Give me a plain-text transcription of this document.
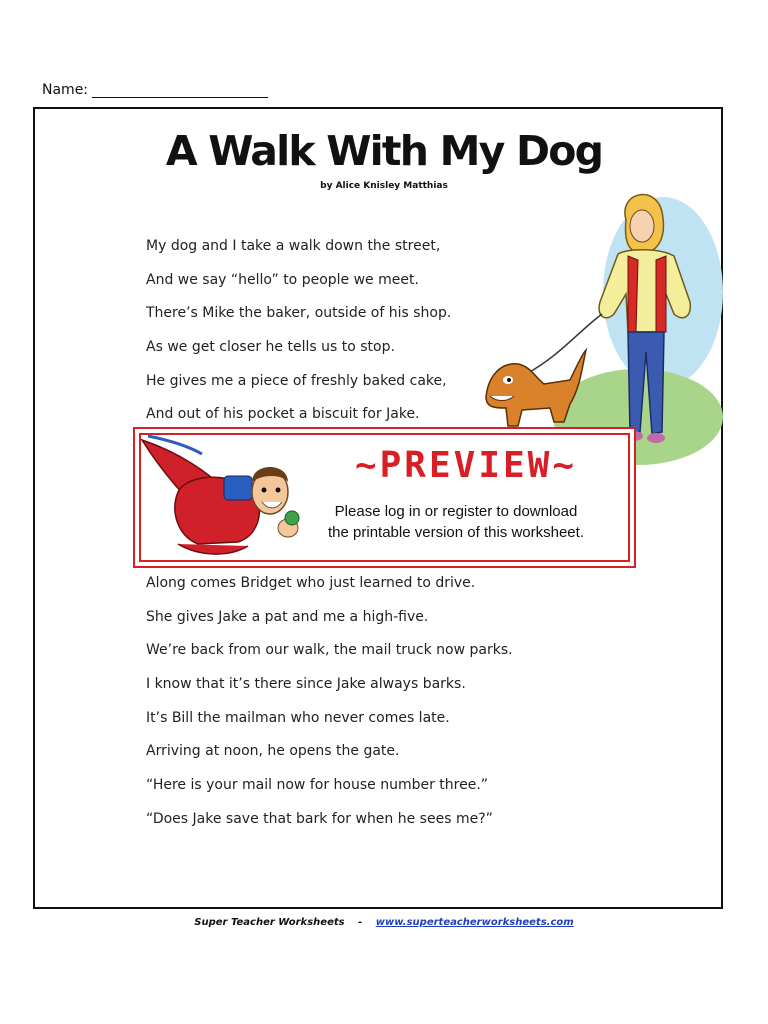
Name:
A Walk With My Dog
by Alice Knisley Matthias
My dog and I take a walk down the street,
And we say “hello” to people we meet.
There’s Mike the baker, outside of his shop.
As we get closer he tells us to stop.
He gives me a piece of freshly baked cake,
And out of his pocket a biscuit for Jake.
~PREVIEW~
Please log in or register to download
the printable version of this worksheet.
Along comes Bridget who just learned to drive.
She gives Jake a pat and me a high-five.
We’re back from our walk, the mail truck now parks.
I know that it’s there since Jake always barks.
It’s Bill the mailman who never comes late.
Arriving at noon, he opens the gate.
“Here is your mail now for house number three.”
“Does Jake save that bark for when he sees me?”
Super Teacher Worksheets - www.superteacherworksheets.com
